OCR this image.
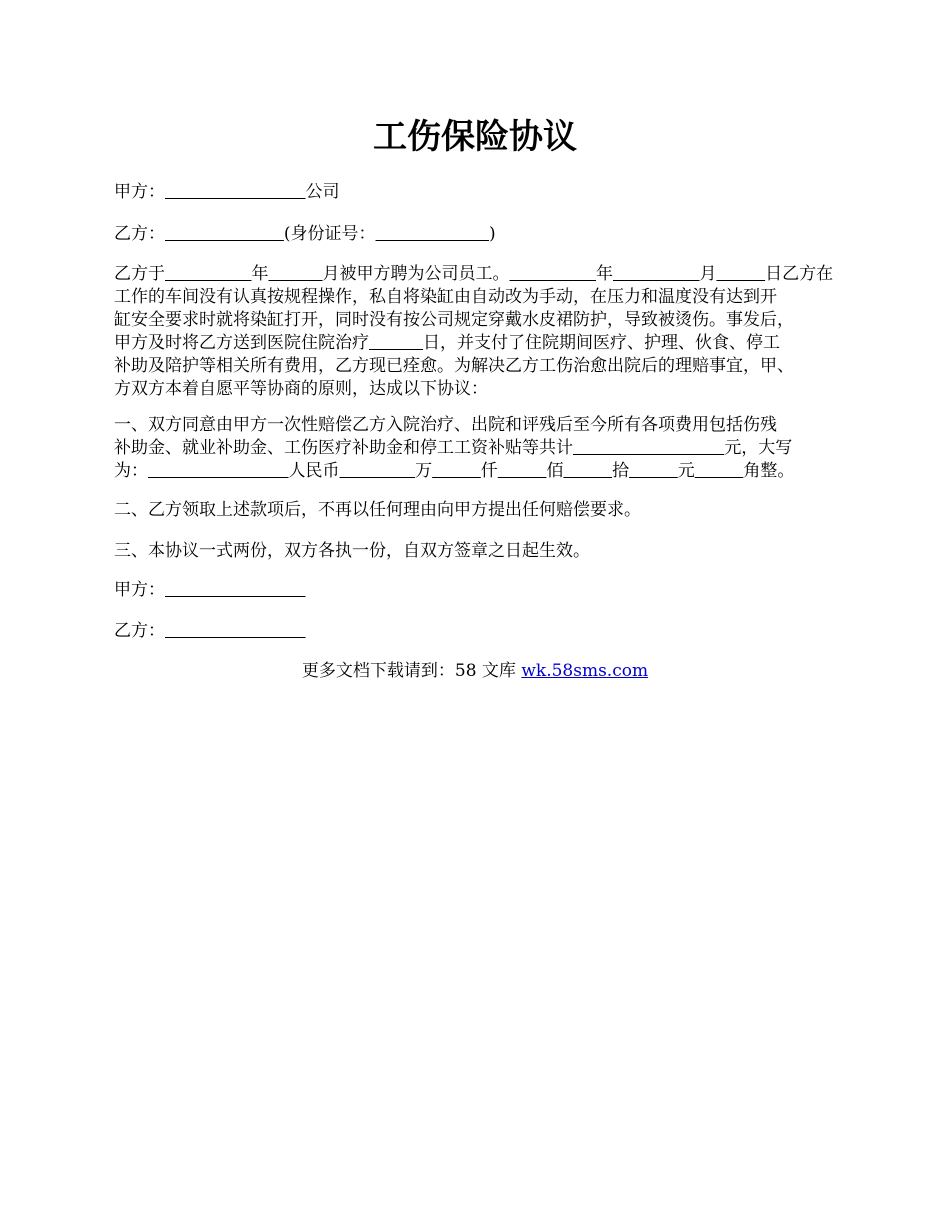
工伤保险协议
甲方：	公司
乙方：	(身份证号：	)
乙方于	年	月被甲方聘为公司员工。	年	月	日乙方在
工作的车间没有认真按规程操作，私自将染缸由自动改为手动，在压力和温度没有达到开
缸安全要求时就将染缸打开，同时没有按公司规定穿戴水皮裙防护，导致被烫伤。事发后，
甲方及时将乙方送到医院住院治疗	日，并支付了住院期间医疗、护理、伙食、停工
补助及陪护等相关所有费用，乙方现已痊愈。为解决乙方工伤治愈出院后的理赔事宜，甲、
方双方本着自愿平等协商的原则，达成以下协议：
一、双方同意由甲方一次性赔偿乙方入院治疗、出院和评残后至今所有各项费用包括伤残
补助金、就业补助金、工伤医疗补助金和停工工资补贴等共计	元，大写
为：	人民币	万	仟	佰	拾	元	角整。
二、乙方领取上述款项后，不再以任何理由向甲方提出任何赔偿要求。
三、本协议一式两份，双方各执一份，自双方签章之日起生效。
甲方：
乙方：
更多文档下载请到：58 文库 wk.58sms.com
